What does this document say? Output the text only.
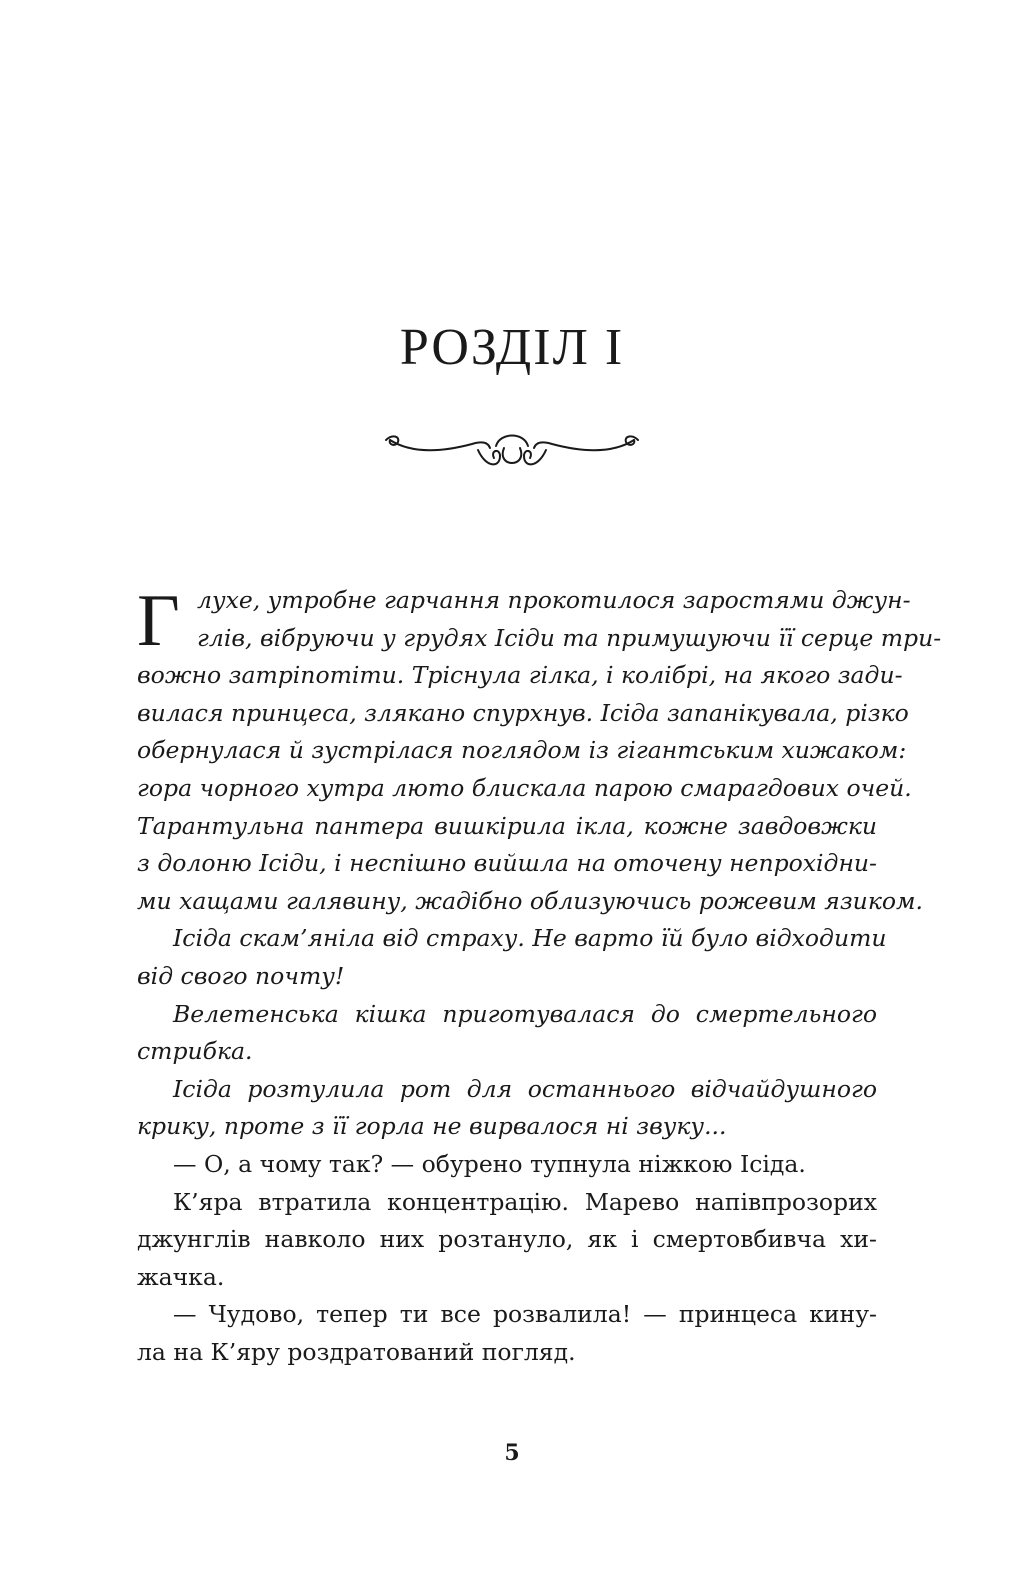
РОЗДІЛ І
Г лухе, утробне гарчання прокотилося заростями джун-
глів, вібруючи у грудях Ісіди та примушуючи її серце три-
вожно затріпотіти. Тріснула гілка, і колібрі, на якого зади-
вилася принцеса, злякано спурхнув. Ісіда запанікувала, різко
обернулася й зустрілася поглядом із гігантським хижаком:
гора чорного хутра люто блискала парою смарагдових очей.
Тарантульна пантера вишкірила ікла, кожне завдовжки
з долоню Ісіди, і неспішно вийшла на оточену непрохідни-
ми хащами галявину, жадібно облизуючись рожевим язиком.
Ісіда скам’яніла від страху. Не варто їй було відходити
від свого почту!
Велетенська кішка приготувалася до смертельного
стрибка.
Ісіда розтулила рот для останнього відчайдушного
крику, проте з її горла не вирвалося ні звуку...
— О, а чому так? — обурено тупнула ніжкою Ісіда.
К’яра втратила концентрацію. Марево напівпрозорих
джунглів навколо них розтануло, як і смертовбивча хи-
жачка.
— Чудово, тепер ти все розвалила! — принцеса кину-
ла на К’яру роздратований погляд.
5
